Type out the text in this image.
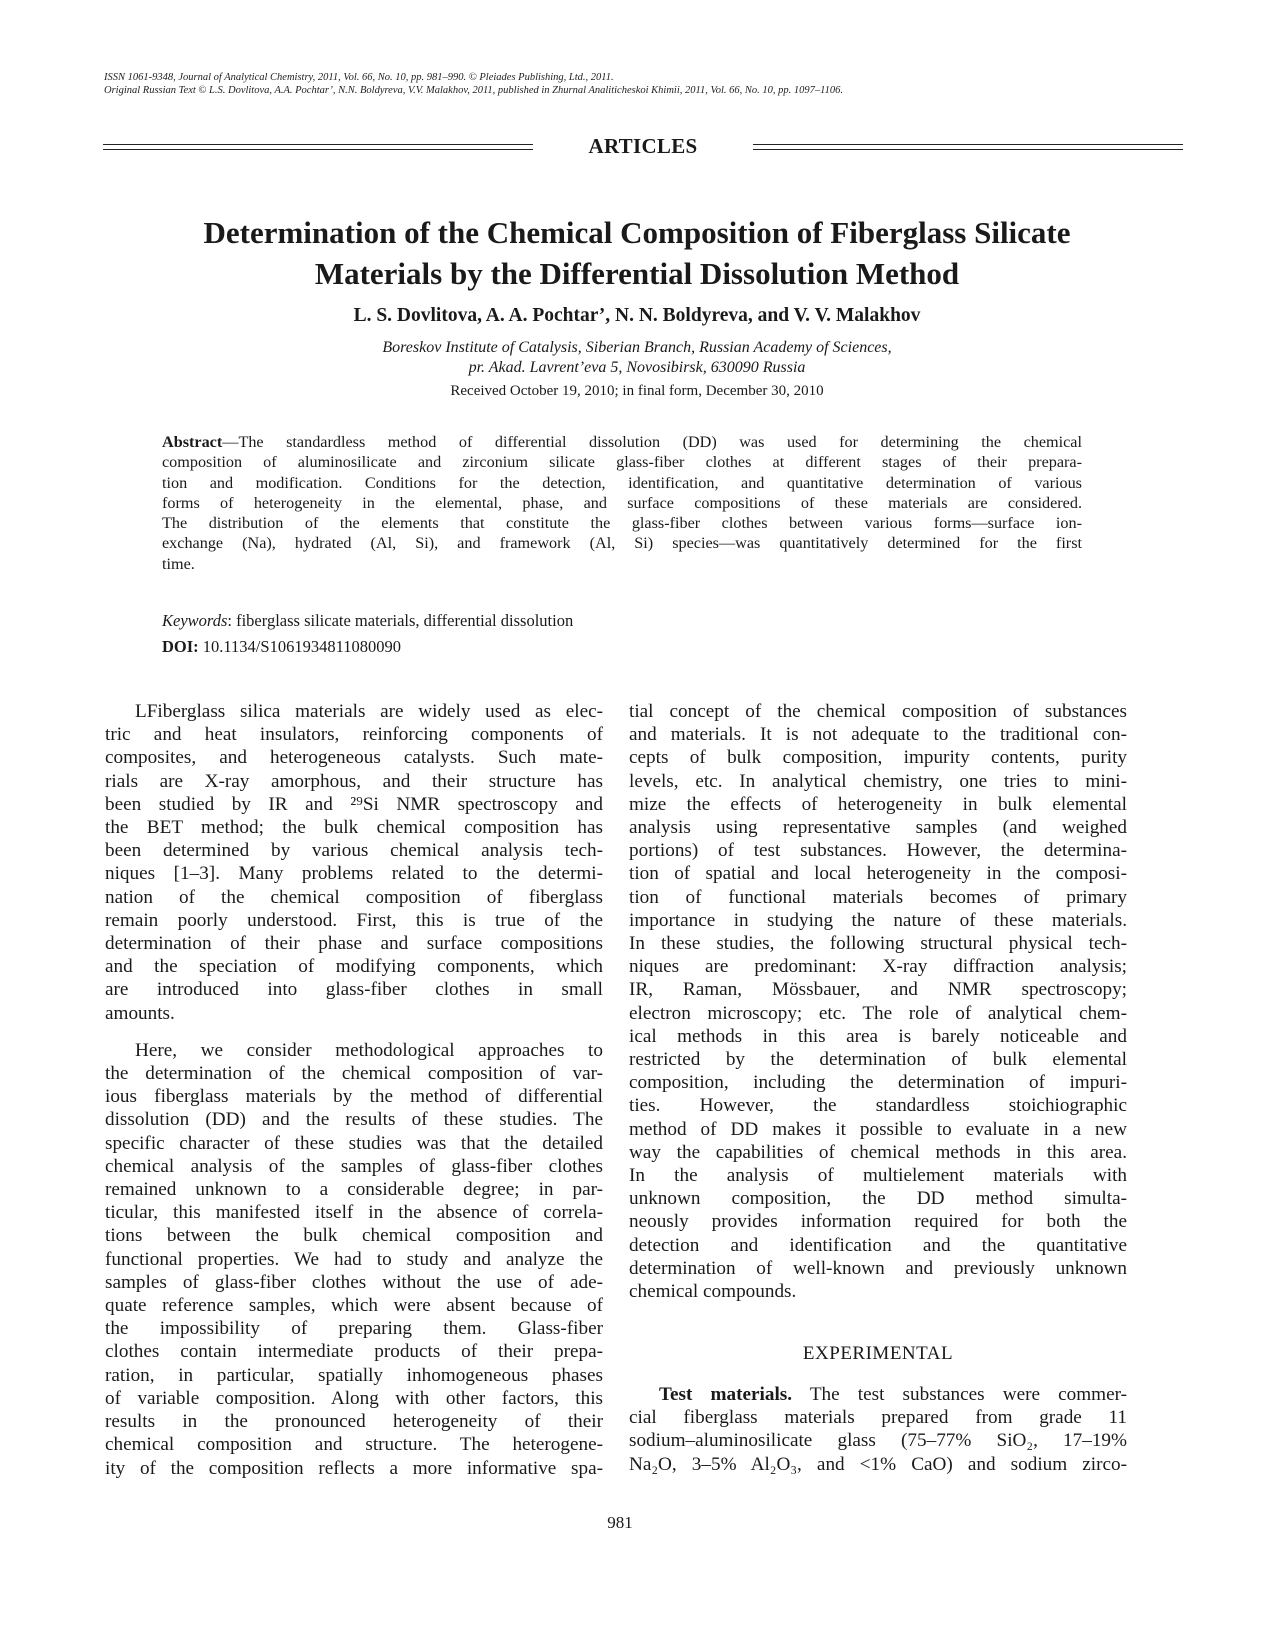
ISSN 1061-9348, Journal of Analytical Chemistry, 2011, Vol. 66, No. 10, pp. 981–990. © Pleiades Publishing, Ltd., 2011.
Original Russian Text © L.S. Dovlitova, A.A. Pochtar’, N.N. Boldyreva, V.V. Malakhov, 2011, published in Zhurnal Analiticheskoi Khimii, 2011, Vol. 66, No. 10, pp. 1097–1106.
ARTICLES
Determination of the Chemical Composition of Fiberglass Silicate
Materials by the Differential Dissolution Method
L. S. Dovlitova, A. A. Pochtar’, N. N. Boldyreva, and V. V. Malakhov
Boreskov Institute of Catalysis, Siberian Branch, Russian Academy of Sciences,
pr. Akad. Lavrent’eva 5, Novosibirsk, 630090 Russia
Received October 19, 2010; in final form, December 30, 2010
Abstract—The standardless method of differential dissolution (DD) was used for determining the chemical
composition of aluminosilicate and zirconium silicate glass-fiber clothes at different stages of their prepara-
tion and modification. Conditions for the detection, identification, and quantitative determination of various
forms of heterogeneity in the elemental, phase, and surface compositions of these materials are considered.
The distribution of the elements that constitute the glass-fiber clothes between various forms—surface ion-
exchange (Na), hydrated (Al, Si), and framework (Al, Si) species—was quantitatively determined for the first
time.
Keywords: fiberglass silicate materials, differential dissolution
DOI: 10.1134/S1061934811080090
LFiberglass silica materials are widely used as elec-
tric and heat insulators, reinforcing components of
composites, and heterogeneous catalysts. Such mate-
rials are X-ray amorphous, and their structure has
been studied by IR and ²⁹Si NMR spectroscopy and
the BET method; the bulk chemical composition has
been determined by various chemical analysis tech-
niques [1–3]. Many problems related to the determi-
nation of the chemical composition of fiberglass
remain poorly understood. First, this is true of the
determination of their phase and surface compositions
and the speciation of modifying components, which
are introduced into glass-fiber clothes in small
amounts.
Here, we consider methodological approaches to
the determination of the chemical composition of var-
ious fiberglass materials by the method of differential
dissolution (DD) and the results of these studies. The
specific character of these studies was that the detailed
chemical analysis of the samples of glass-fiber clothes
remained unknown to a considerable degree; in par-
ticular, this manifested itself in the absence of correla-
tions between the bulk chemical composition and
functional properties. We had to study and analyze the
samples of glass-fiber clothes without the use of ade-
quate reference samples, which were absent because of
the impossibility of preparing them. Glass-fiber
clothes contain intermediate products of their prepa-
ration, in particular, spatially inhomogeneous phases
of variable composition. Along with other factors, this
results in the pronounced heterogeneity of their
chemical composition and structure. The heterogene-
ity of the composition reflects a more informative spa-
tial concept of the chemical composition of substances
and materials. It is not adequate to the traditional con-
cepts of bulk composition, impurity contents, purity
levels, etc. In analytical chemistry, one tries to mini-
mize the effects of heterogeneity in bulk elemental
analysis using representative samples (and weighed
portions) of test substances. However, the determina-
tion of spatial and local heterogeneity in the composi-
tion of functional materials becomes of primary
importance in studying the nature of these materials.
In these studies, the following structural physical tech-
niques are predominant: X-ray diffraction analysis;
IR, Raman, Mössbauer, and NMR spectroscopy;
electron microscopy; etc. The role of analytical chem-
ical methods in this area is barely noticeable and
restricted by the determination of bulk elemental
composition, including the determination of impuri-
ties. However, the standardless stoichiographic
method of DD makes it possible to evaluate in a new
way the capabilities of chemical methods in this area.
In the analysis of multielement materials with
unknown composition, the DD method simulta-
neously provides information required for both the
detection and identification and the quantitative
determination of well-known and previously unknown
chemical compounds.
EXPERIMENTAL
Test materials. The test substances were commer-
cial fiberglass materials prepared from grade 11
sodium–aluminosilicate glass (75–77% SiO₂, 17–19%
Na₂O, 3–5% Al₂O₃, and <1% CaO) and sodium zirco-
981
